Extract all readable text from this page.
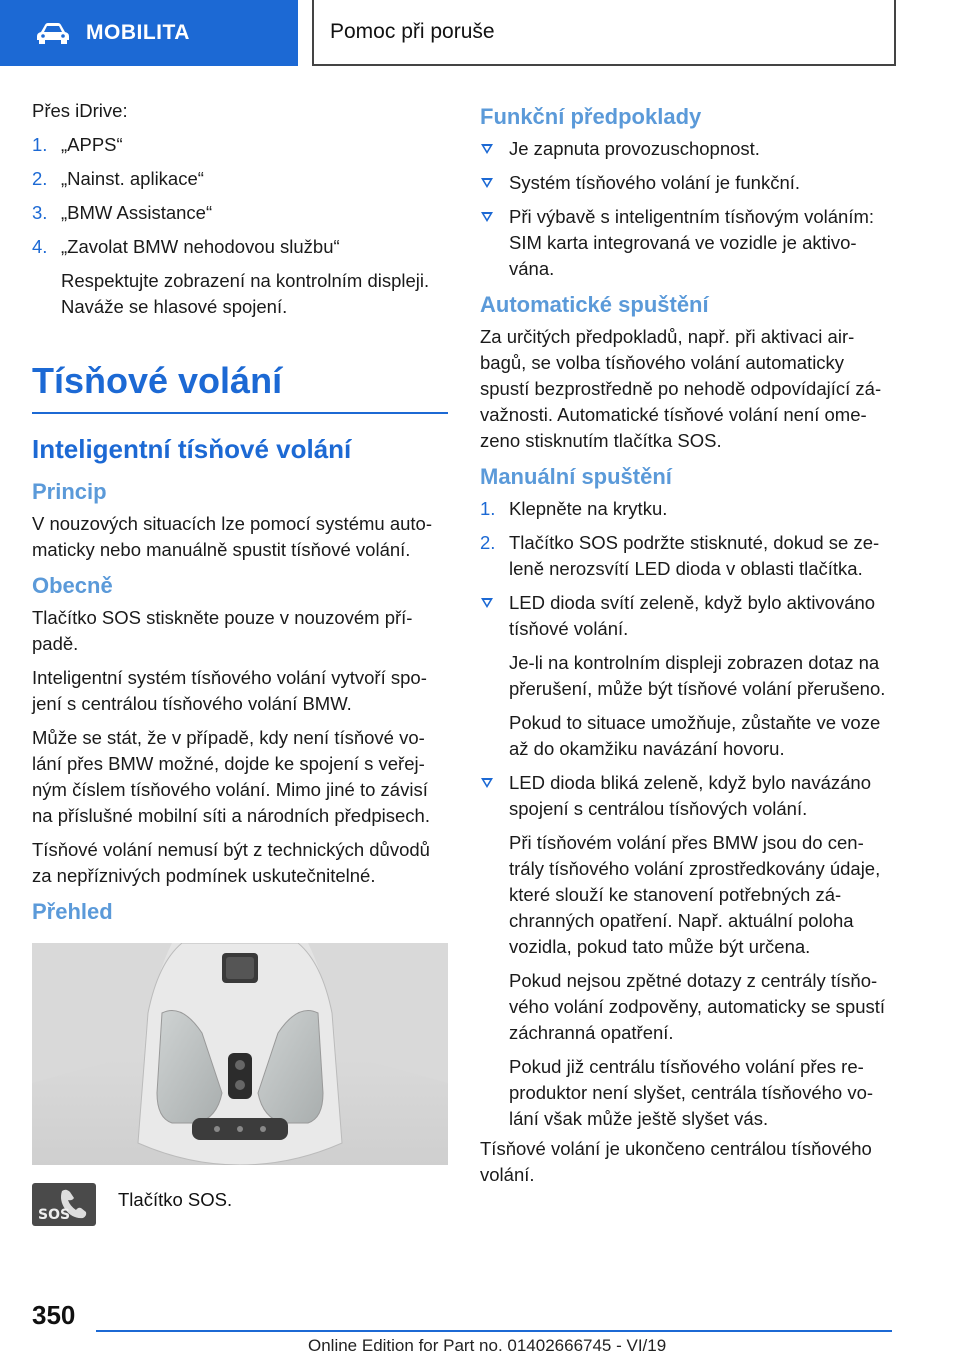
MOBILITA	Pomoc při poruše

Přes iDrive:

1. „APPS“
2. „Nainst. aplikace“
3. „BMW Assistance“
4. „Zavolat BMW nehodovou službu“
Respektujte zobrazení na kontrolním displeji. Naváže se hlasové spojení.
Tísňové volání
Inteligentní tísňové volání
Princip

V nouzových situacích lze pomocí systému automaticky nebo manuálně spustit tísňové volání.

Obecně

Tlačítko SOS stiskněte pouze v nouzovém případě.

Inteligentní systém tísňového volání vytvoří spojení s centrálou tísňového volání BMW.

Může se stát, že v případě, kdy není tísňové volání přes BMW možné, dojde ke spojení s veřejným číslem tísňového volání. Mimo jiné to závisí na příslušné mobilní síti a národních předpisech.

Tísňové volání nemusí být z technických důvodů za nepříznivých podmínek uskutečnitelné.

Přehled
SOS
Tlačítko SOS.
Funkční předpoklady
Je zapnuta provozuschopnost.
Systém tísňového volání je funkční.
Při výbavě s inteligentním tísňovým voláním: SIM karta integrovaná ve vozidle je aktivována.
Automatické spuštění

Za určitých předpokladů, např. při aktivaci airbagů, se volba tísňového volání automaticky spustí bezprostředně po nehodě odpovídající závažnosti. Automatické tísňové volání není omezeno stisknutím tlačítka SOS.

Manuální spuštění
1. Klepněte na krytku.
2. Tlačítko SOS podržte stisknuté, dokud se zeleně nerozsvítí LED dioda v oblasti tlačítka.
LED dioda svítí zeleně, když bylo aktivováno tísňové volání.
Je-li na kontrolním displeji zobrazen dotaz na přerušení, může být tísňové volání přerušeno.
Pokud to situace umožňuje, zůstaňte ve voze až do okamžiku navázání hovoru.
LED dioda bliká zeleně, když bylo navázáno spojení s centrálou tísňových volání.
Při tísňovém volání přes BMW jsou do centrály tísňového volání zprostředkovány údaje, které slouží ke stanovení potřebných záchranných opatření. Např. aktuální poloha vozidla, pokud tato může být určena.
Pokud nejsou zpětné dotazy z centrály tísňového volání zodpověny, automaticky se spustí záchranná opatření.
Pokud již centrálu tísňového volání přes reproduktor není slyšet, centrála tísňového volání však může ještě slyšet vás.

Tísňové volání je ukončeno centrálou tísňového volání.

350
Online Edition for Part no. 01402666745 - VI/19
